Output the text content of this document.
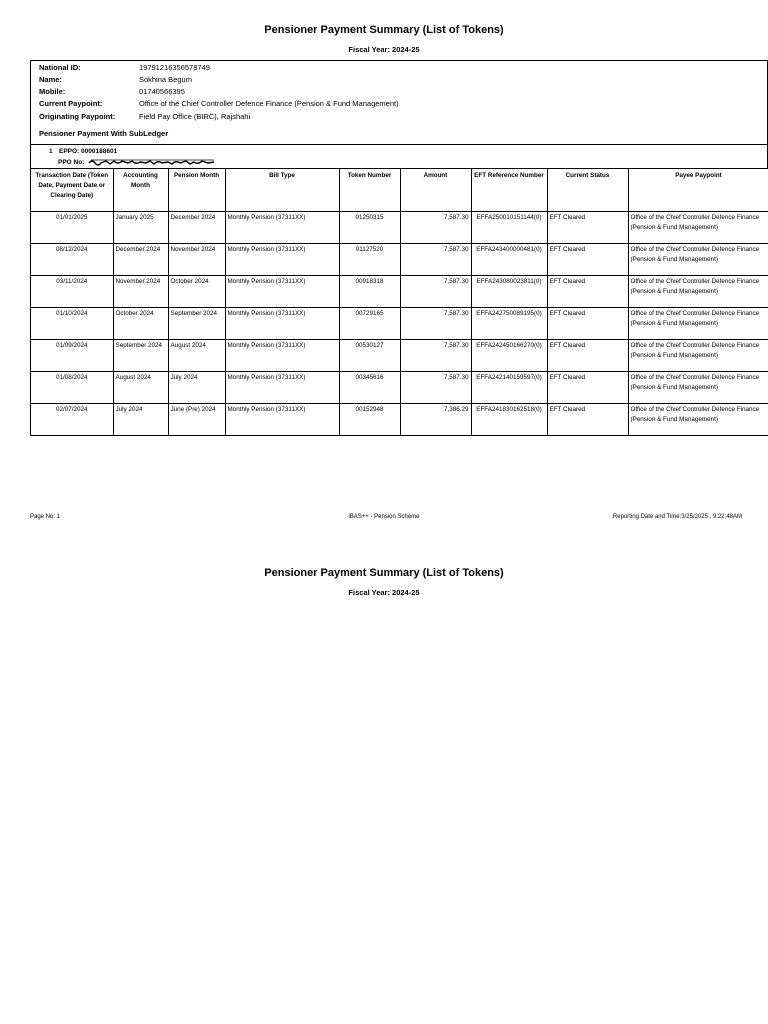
Pensioner Payment Summary (List of Tokens)
Fiscal Year: 2024-25
National ID:	19791216356578749
Name:	Sokhina Begum
Mobile:	01740566395
Current Paypoint:	Office of the Chief Controller Defence Finance (Pension & Fund Management)
Originating Paypoint:	Field Pay Office (BIRC), Rajshahi
Pensioner Payment With SubLedger
1 EPPO: 0000188601
PPO No:
Transaction Date (Token Date, Payment Date or Clearing Date)	Accounting Month	Pension Month	Bill Type	Token Number	Amount	EFT Reference Number	Current Status	Payee Paypoint
01/01/2025	January 2025	December 2024	Monthly Pension (37311XX)	01250315	7,587.30	EFFA250010151144(0)	EFT Cleared	Office of the Chief Controller Defence Finance (Pension & Fund Management)
08/12/2024	December 2024	November 2024	Monthly Pension (37311XX)	01127520	7,587.30	EFFA243400000481(0)	EFT Cleared	Office of the Chief Controller Defence Finance (Pension & Fund Management)
03/11/2024	November 2024	October 2024	Monthly Pension (37311XX)	00918318	7,587.30	EFFA243080023811(0)	EFT Cleared	Office of the Chief Controller Defence Finance (Pension & Fund Management)
01/10/2024	October 2024	September 2024	Monthly Pension (37311XX)	00729165	7,587.30	EFFA242750089195(0)	EFT Cleared	Office of the Chief Controller Defence Finance (Pension & Fund Management)
01/09/2024	September 2024	August 2024	Monthly Pension (37311XX)	00530127	7,587.30	EFFA242450166270(0)	EFT Cleared	Office of the Chief Controller Defence Finance (Pension & Fund Management)
01/08/2024	August 2024	July 2024	Monthly Pension (37311XX)	00345616	7,587.30	EFFA242140159597(0)	EFT Cleared	Office of the Chief Controller Defence Finance (Pension & Fund Management)
02/07/2024	July 2024	June (Pre) 2024	Monthly Pension (37311XX)	00152948	7,386.29	EFFA241830162518(0)	EFT Cleared	Office of the Chief Controller Defence Finance (Pension & Fund Management)
Page No: 1	iBAS++ - Pension Scheme	Reporting Date and Time:3/25/2025 , 9:22:48AM
Pensioner Payment Summary (List of Tokens)
Fiscal Year: 2024-25
